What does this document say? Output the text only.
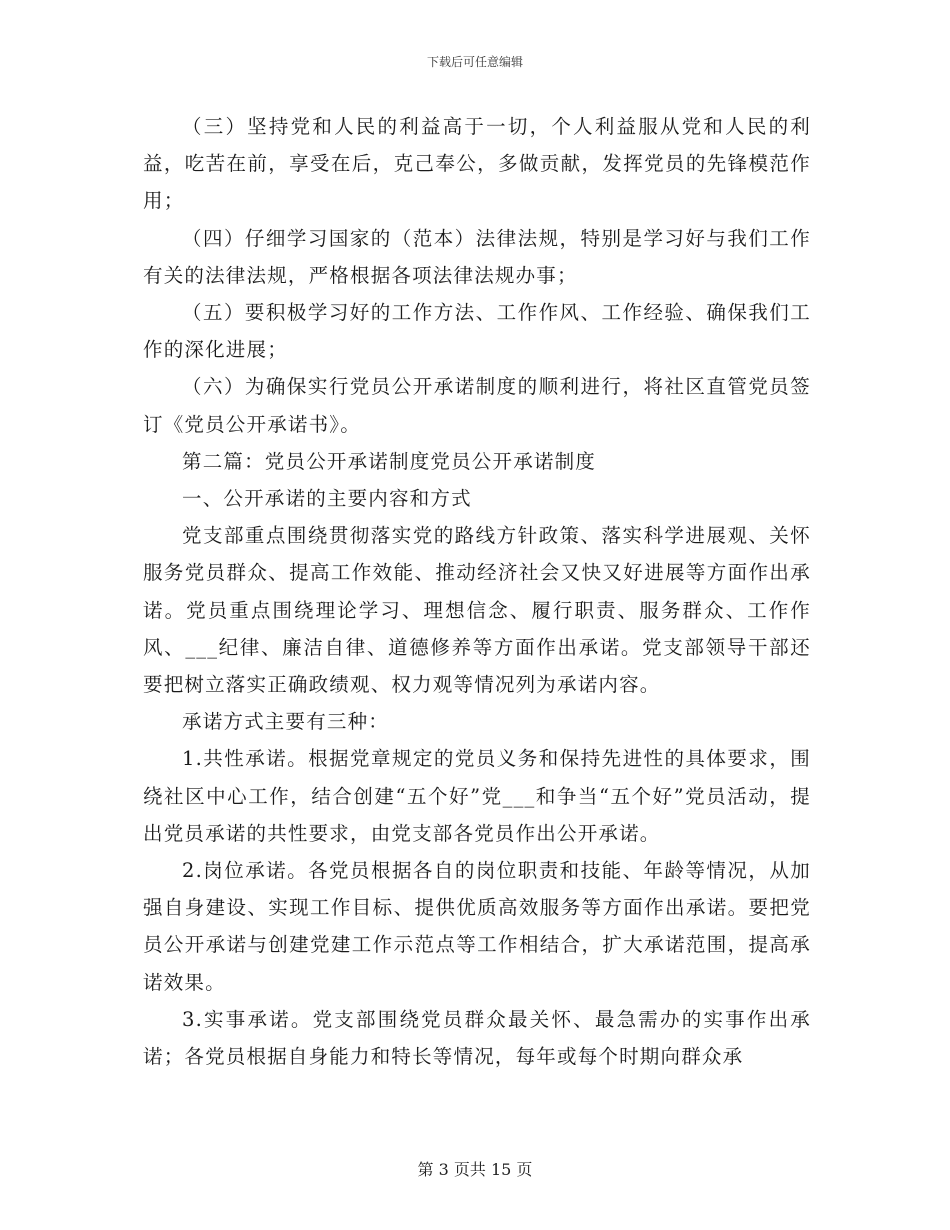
下载后可任意编辑

（三）坚持党和人民的利益高于一切，个人利益服从党和人民的利益，吃苦在前，享受在后，克己奉公，多做贡献，发挥党员的先锋模范作用；

（四）仔细学习国家的（范本）法律法规，特别是学习好与我们工作有关的法律法规，严格根据各项法律法规办事；

（五）要积极学习好的工作方法、工作作风、工作经验、确保我们工作的深化进展；

（六）为确保实行党员公开承诺制度的顺利进行，将社区直管党员签订《党员公开承诺书》。

第二篇：党员公开承诺制度党员公开承诺制度

一、公开承诺的主要内容和方式

党支部重点围绕贯彻落实党的路线方针政策、落实科学进展观、关怀服务党员群众、提高工作效能、推动经济社会又快又好进展等方面作出承诺。党员重点围绕理论学习、理想信念、履行职责、服务群众、工作作风、___纪律、廉洁自律、道德修养等方面作出承诺。党支部领导干部还要把树立落实正确政绩观、权力观等情况列为承诺内容。

承诺方式主要有三种：

1.共性承诺。根据党章规定的党员义务和保持先进性的具体要求，围绕社区中心工作，结合创建“五个好”党___和争当“五个好”党员活动，提出党员承诺的共性要求，由党支部各党员作出公开承诺。

2.岗位承诺。各党员根据各自的岗位职责和技能、年龄等情况，从加强自身建设、实现工作目标、提供优质高效服务等方面作出承诺。要把党员公开承诺与创建党建工作示范点等工作相结合，扩大承诺范围，提高承诺效果。

3.实事承诺。党支部围绕党员群众最关怀、最急需办的实事作出承诺；各党员根据自身能力和特长等情况，每年或每个时期向群众承

第 3 页共 15 页
